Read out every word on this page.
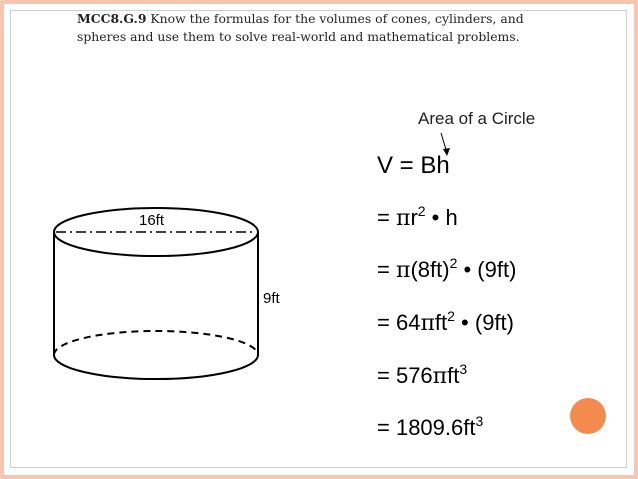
MCC8.G.9 Know the formulas for the volumes of cones, cylinders, and
spheres and use them to solve real-world and mathematical problems.
Area of a Circle
16ft
9ft
V = Bh
= $\pi r^2$ • h
= $\pi(8ft)^2$ • (9ft)
= 64πft$^2$ • (9ft)
= 576πft$^3$
= $1809.6ft^3$
